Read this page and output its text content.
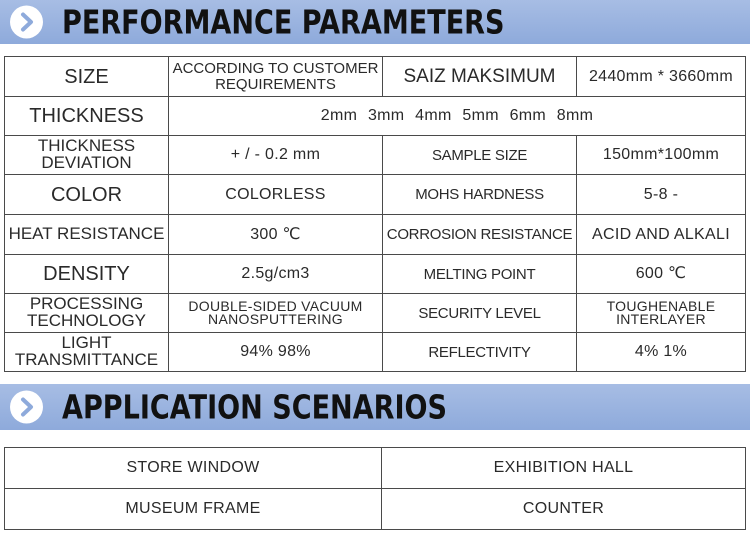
PERFORMANCE PARAMETERS
SIZE	ACCORDING TO CUSTOMER REQUIREMENTS	SAIZ MAKSIMUM	2440mm * 3660mm
THICKNESS	2mm 3mm 4mm 5mm 6mm 8mm		
THICKNESS DEVIATION	+ / - 0.2 mm	SAMPLE SIZE	150mm*100mm
COLOR	COLORLESS	MOHS HARDNESS	5-8 -
HEAT RESISTANCE	300 ℃	CORROSION RESISTANCE	ACID AND ALKALI
DENSITY	2.5g/cm3	MELTING POINT	600 ℃
PROCESSING TECHNOLOGY	DOUBLE-SIDED VACUUM NANOSPUTTERING	SECURITY LEVEL	TOUGHENABLE INTERLAYER
LIGHT TRANSMITTANCE	94% 98%	REFLECTIVITY	4% 1%
APPLICATION SCENARIOS
STORE WINDOW	EXHIBITION HALL
MUSEUM FRAME	COUNTER
